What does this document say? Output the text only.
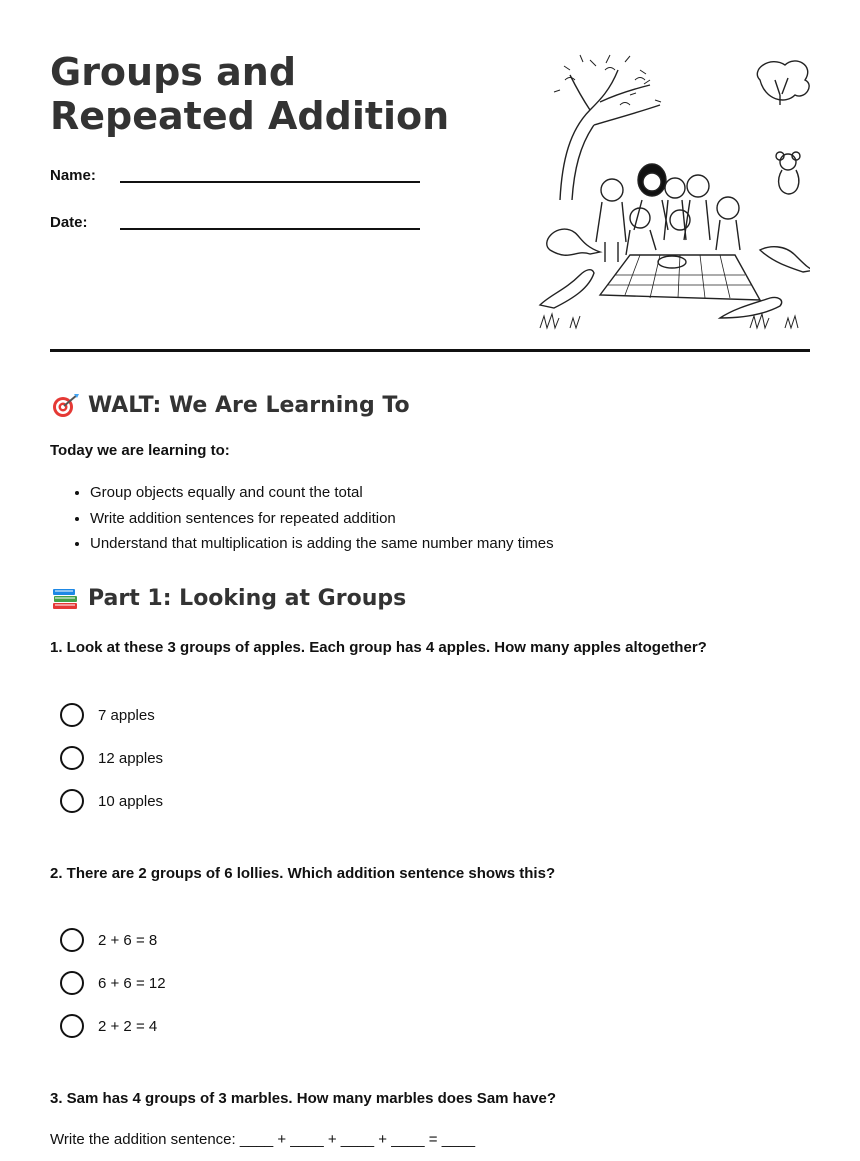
Groups and Repeated Addition
Name:
Date:
WALT: We Are Learning To
Today we are learning to:
• Group objects equally and count the total
• Write addition sentences for repeated addition
• Understand that multiplication is adding the same number many times
Part 1: Looking at Groups
1. Look at these 3 groups of apples. Each group has 4 apples. How many apples altogether?
7 apples
12 apples
10 apples
2. There are 2 groups of 6 lollies. Which addition sentence shows this?
2 + 6 = 8
6 + 6 = 12
2 + 2 = 4
3. Sam has 4 groups of 3 marbles. How many marbles does Sam have?
Write the addition sentence: ____ + ____ + ____ + ____ = ____
